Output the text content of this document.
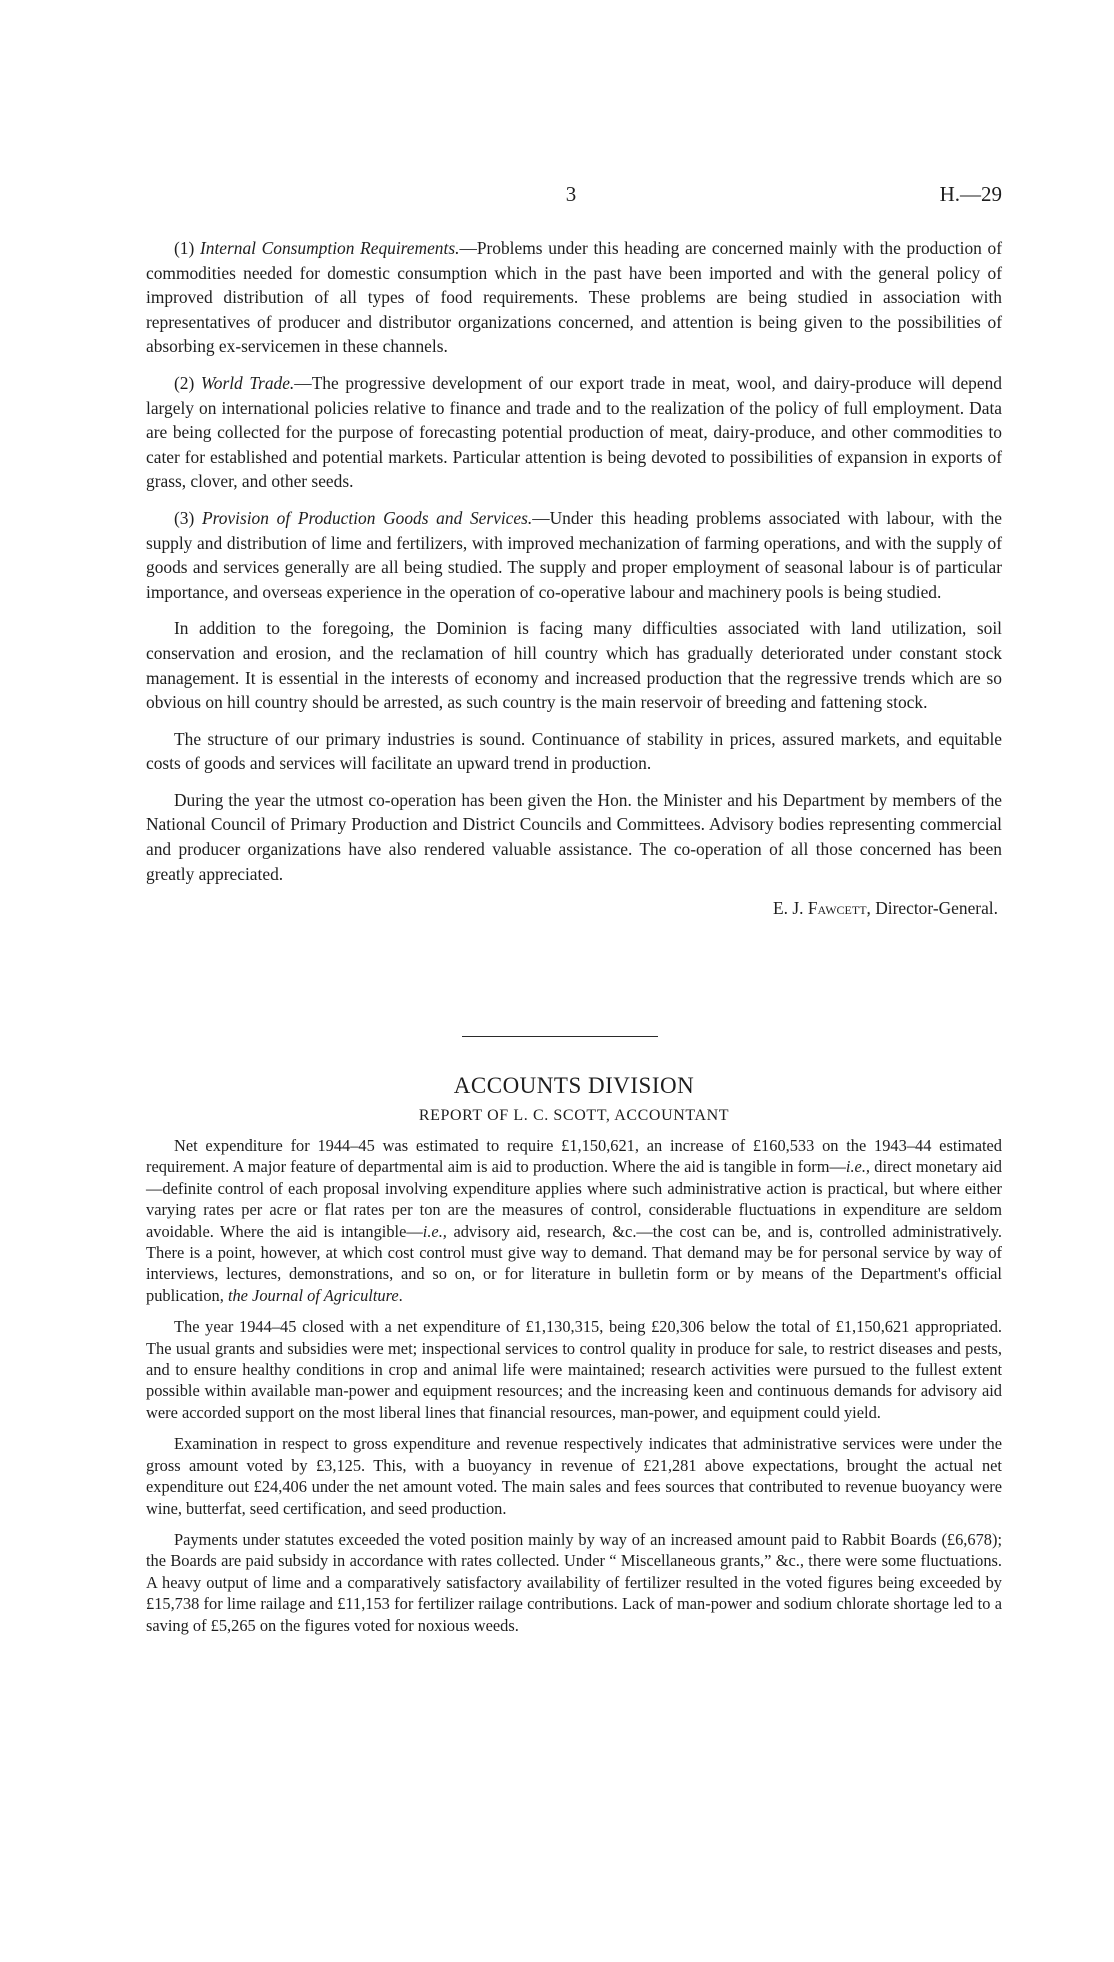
3	H.—29

(1) Internal Consumption Requirements.—Problems under this heading are concerned mainly with the production of commodities needed for domestic consumption which in the past have been imported and with the general policy of improved distribution of all types of food requirements. These problems are being studied in association with representatives of producer and distributor organizations concerned, and attention is being given to the possibilities of absorbing ex-servicemen in these channels.

(2) World Trade.—The progressive development of our export trade in meat, wool, and dairy-produce will depend largely on international policies relative to finance and trade and to the realization of the policy of full employment. Data are being collected for the purpose of forecasting potential production of meat, dairy-produce, and other commodities to cater for established and potential markets. Particular attention is being devoted to possibilities of expansion in exports of grass, clover, and other seeds.

(3) Provision of Production Goods and Services.—Under this heading problems associated with labour, with the supply and distribution of lime and fertilizers, with improved mechanization of farming operations, and with the supply of goods and services generally are all being studied. The supply and proper employment of seasonal labour is of particular importance, and overseas experience in the operation of co-operative labour and machinery pools is being studied.

In addition to the foregoing, the Dominion is facing many difficulties associated with land utilization, soil conservation and erosion, and the reclamation of hill country which has gradually deteriorated under constant stock management. It is essential in the interests of economy and increased production that the regressive trends which are so obvious on hill country should be arrested, as such country is the main reservoir of breeding and fattening stock.

The structure of our primary industries is sound. Continuance of stability in prices, assured markets, and equitable costs of goods and services will facilitate an upward trend in production.

During the year the utmost co-operation has been given the Hon. the Minister and his Department by members of the National Council of Primary Production and District Councils and Committees. Advisory bodies representing commercial and producer organizations have also rendered valuable assistance. The co-operation of all those concerned has been greatly appreciated.

E. J. Fawcett, Director-General.
ACCOUNTS DIVISION
REPORT OF L. C. SCOTT, ACCOUNTANT

Net expenditure for 1944–45 was estimated to require £1,150,621, an increase of £160,533 on the 1943–44 estimated requirement. A major feature of departmental aim is aid to production. Where the aid is tangible in form—i.e., direct monetary aid—definite control of each proposal involving expenditure applies where such administrative action is practical, but where either varying rates per acre or flat rates per ton are the measures of control, considerable fluctuations in expenditure are seldom avoidable. Where the aid is intangible—i.e., advisory aid, research, &c.—the cost can be, and is, controlled administratively. There is a point, however, at which cost control must give way to demand. That demand may be for personal service by way of interviews, lectures, demonstrations, and so on, or for literature in bulletin form or by means of the Department's official publication, the Journal of Agriculture.

The year 1944–45 closed with a net expenditure of £1,130,315, being £20,306 below the total of £1,150,621 appropriated. The usual grants and subsidies were met; inspectional services to control quality in produce for sale, to restrict diseases and pests, and to ensure healthy conditions in crop and animal life were maintained; research activities were pursued to the fullest extent possible within available man-power and equipment resources; and the increasing keen and continuous demands for advisory aid were accorded support on the most liberal lines that financial resources, man-power, and equipment could yield.

Examination in respect to gross expenditure and revenue respectively indicates that administrative services were under the gross amount voted by £3,125. This, with a buoyancy in revenue of £21,281 above expectations, brought the actual net expenditure out £24,406 under the net amount voted. The main sales and fees sources that contributed to revenue buoyancy were wine, butterfat, seed certification, and seed production.

Payments under statutes exceeded the voted position mainly by way of an increased amount paid to Rabbit Boards (£6,678); the Boards are paid subsidy in accordance with rates collected. Under “ Miscellaneous grants,” &c., there were some fluctuations. A heavy output of lime and a comparatively satisfactory availability of fertilizer resulted in the voted figures being exceeded by £15,738 for lime railage and £11,153 for fertilizer railage contributions. Lack of man-power and sodium chlorate shortage led to a saving of £5,265 on the figures voted for noxious weeds.
